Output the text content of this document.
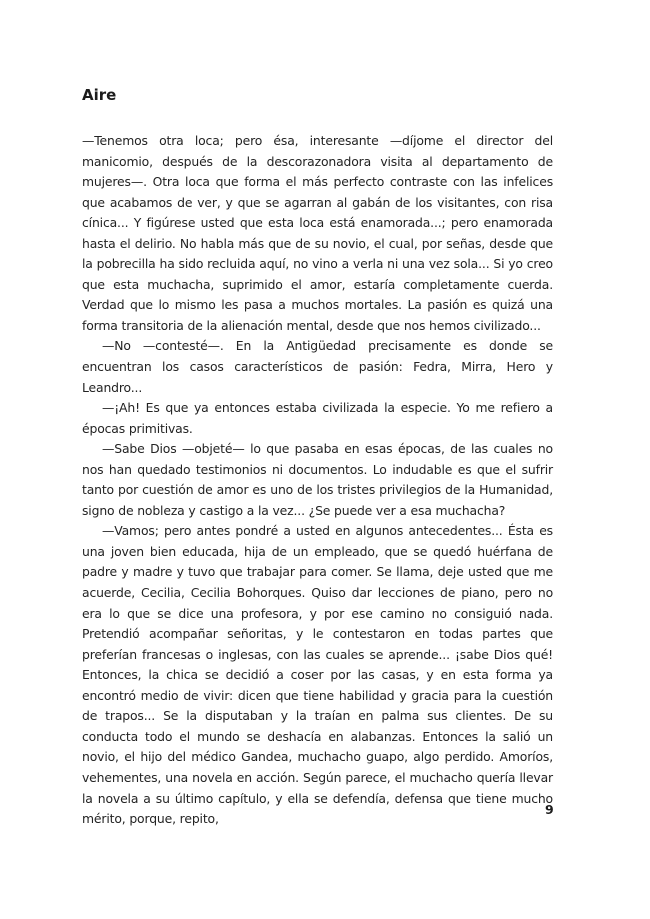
Aire

—Tenemos otra loca; pero ésa, interesante —díjome el director del manicomio, después de la descorazonadora visita al departamento de mujeres—. Otra loca que forma el más perfecto contraste con las infelices que acabamos de ver, y que se agarran al gabán de los visitantes, con risa cínica... Y figúrese usted que esta loca está enamorada...; pero enamorada hasta el delirio. No habla más que de su novio, el cual, por señas, desde que la pobrecilla ha sido recluida aquí, no vino a verla ni una vez sola... Si yo creo que esta muchacha, suprimido el amor, estaría completamente cuerda. Verdad que lo mismo les pasa a muchos mortales. La pasión es quizá una forma transitoria de la alienación mental, desde que nos hemos civilizado...

—No —contesté—. En la Antigüedad precisamente es donde se encuentran los casos característicos de pasión: Fedra, Mirra, Hero y Leandro...

—¡Ah! Es que ya entonces estaba civilizada la especie. Yo me refiero a épocas primitivas.

—Sabe Dios —objeté— lo que pasaba en esas épocas, de las cuales no nos han quedado testimonios ni documentos. Lo indudable es que el sufrir tanto por cuestión de amor es uno de los tristes privilegios de la Humanidad, signo de nobleza y castigo a la vez... ¿Se puede ver a esa muchacha?

—Vamos; pero antes pondré a usted en algunos antecedentes... Ésta es una joven bien educada, hija de un empleado, que se quedó huérfana de padre y madre y tuvo que trabajar para comer. Se llama, deje usted que me acuerde, Cecilia, Cecilia Bohorques. Quiso dar lecciones de piano, pero no era lo que se dice una profesora, y por ese camino no consiguió nada. Pretendió acompañar señoritas, y le contestaron en todas partes que preferían francesas o inglesas, con las cuales se aprende... ¡sabe Dios qué! Entonces, la chica se decidió a coser por las casas, y en esta forma ya encontró medio de vivir: dicen que tiene habilidad y gracia para la cuestión de trapos... Se la disputaban y la traían en palma sus clientes. De su conducta todo el mundo se deshacía en alabanzas. Entonces la salió un novio, el hijo del médico Gandea, muchacho guapo, algo perdido. Amoríos, vehementes, una novela en acción. Según parece, el muchacho quería llevar la novela a su último capítulo, y ella se defendía, defensa que tiene mucho mérito, porque, repito,

9
